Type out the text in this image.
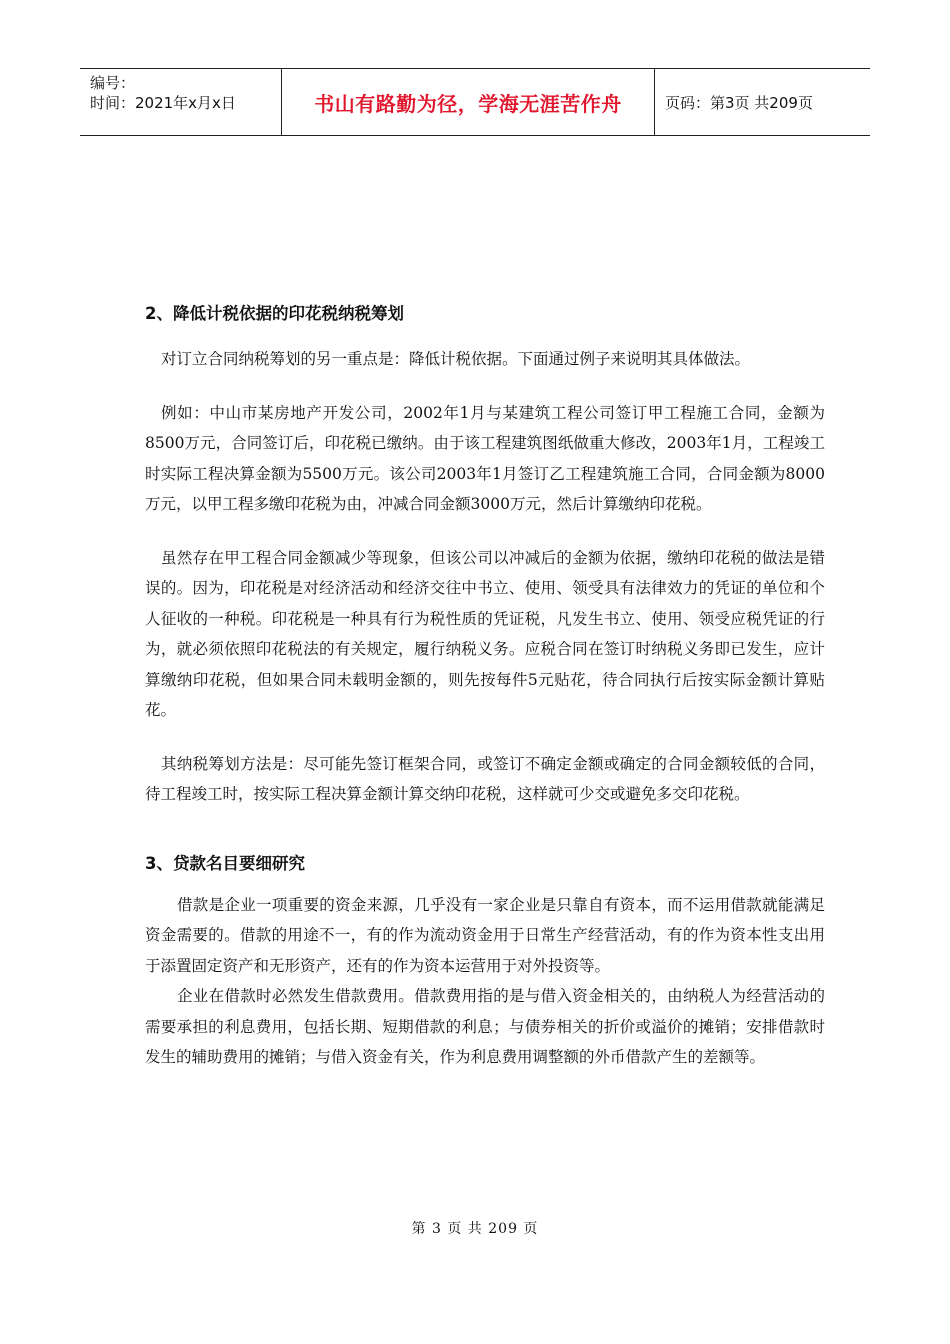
编号：
时间：2021年x月x日	书山有路勤为径，学海无涯苦作舟	页码：第3页 共209页
2、降低计税依据的印花税纳税筹划

对订立合同纳税筹划的另一重点是：降低计税依据。下面通过例子来说明其具体做法。

例如：中山市某房地产开发公司，2002年1月与某建筑工程公司签订甲工程施工合同，金额为8500万元，合同签订后，印花税已缴纳。由于该工程建筑图纸做重大修改，2003年1月，工程竣工时实际工程决算金额为5500万元。该公司2003年1月签订乙工程建筑施工合同，合同金额为8000万元，以甲工程多缴印花税为由，冲减合同金额3000万元，然后计算缴纳印花税。

虽然存在甲工程合同金额减少等现象，但该公司以冲减后的金额为依据，缴纳印花税的做法是错误的。因为，印花税是对经济活动和经济交往中书立、使用、领受具有法律效力的凭证的单位和个人征收的一种税。印花税是一种具有行为税性质的凭证税，凡发生书立、使用、领受应税凭证的行为，就必须依照印花税法的有关规定，履行纳税义务。应税合同在签订时纳税义务即已发生，应计算缴纳印花税，但如果合同未载明金额的，则先按每件5元贴花，待合同执行后按实际金额计算贴花。

其纳税筹划方法是：尽可能先签订框架合同，或签订不确定金额或确定的合同金额较低的合同，待工程竣工时，按实际工程决算金额计算交纳印花税，这样就可少交或避免多交印花税。

3、贷款名目要细研究

借款是企业一项重要的资金来源，几乎没有一家企业是只靠自有资本，而不运用借款就能满足资金需要的。借款的用途不一，有的作为流动资金用于日常生产经营活动，有的作为资本性支出用于添置固定资产和无形资产，还有的作为资本运营用于对外投资等。

企业在借款时必然发生借款费用。借款费用指的是与借入资金相关的，由纳税人为经营活动的需要承担的利息费用，包括长期、短期借款的利息；与债券相关的折价或溢价的摊销；安排借款时发生的辅助费用的摊销；与借入资金有关，作为利息费用调整额的外币借款产生的差额等。

第 3 页 共 209 页
